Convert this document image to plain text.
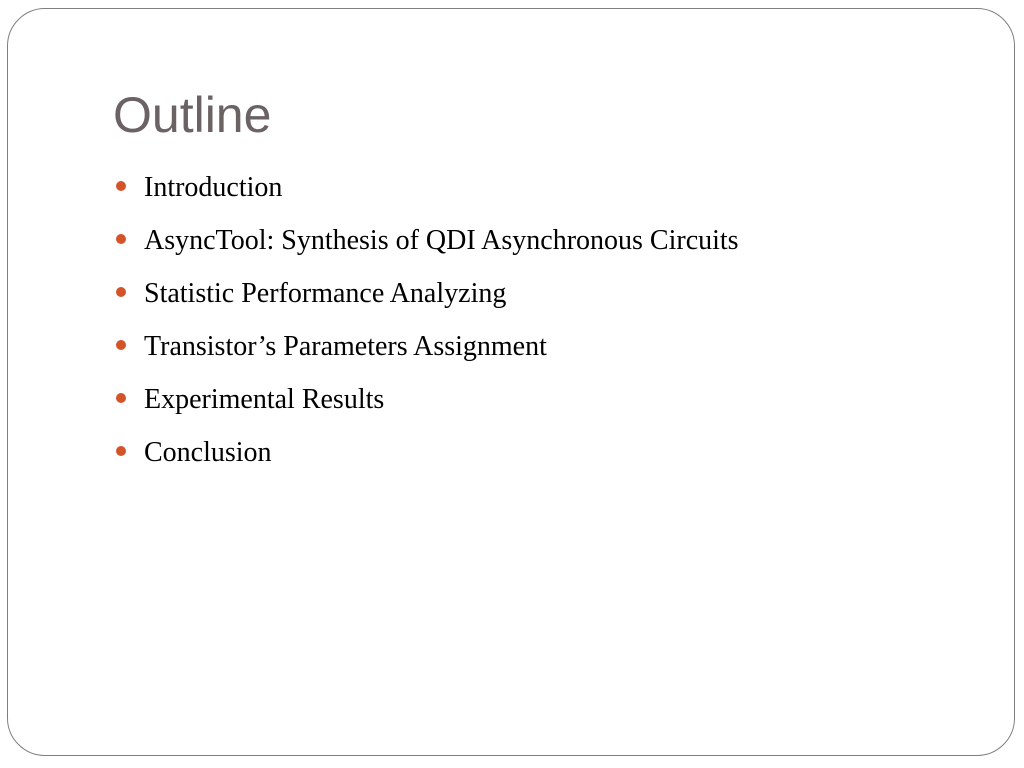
Outline
Introduction
AsyncTool: Synthesis of QDI Asynchronous Circuits
Statistic Performance Analyzing
Transistor’s Parameters Assignment
Experimental Results
Conclusion
